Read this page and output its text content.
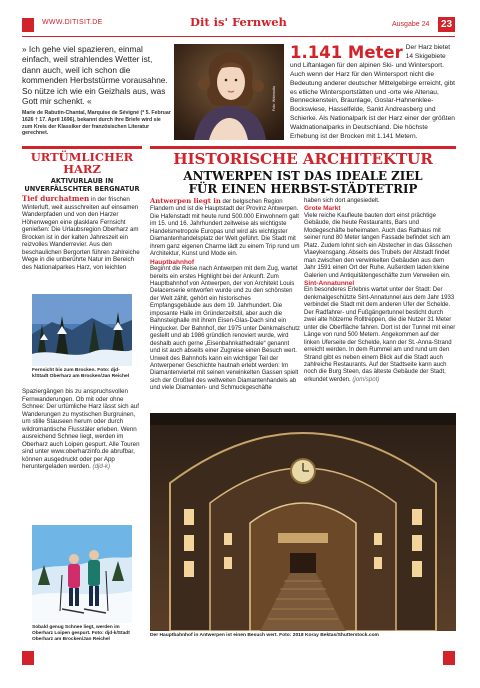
WWW.DITISIT.DE	Dit is' Fernweh	Ausgabe 24 23
» Ich gehe viel spazieren, einmal einfach, weil strahlendes Wetter ist, dann auch, weil ich schon die kommenden Herbststürme vorausahne. So nütze ich wie ein Geizhals aus, was Gott mir schenkt. «
Marie de Rabutin-Chantal, Marquise de Sévigné (* 5. Februar 1626 † 17. April 1696), bekannt durch ihre Briefe wird sie zum Kreis der Klassiker der französischen Literatur gerechnet.
Foto: Wikimedia
1.141 Meter Der Harz bietet 14 Skigebiete und Liftanlagen für den alpinen Ski- und Wintersport. Auch wenn der Harz für den Wintersport nicht die Bedeutung anderer deutscher Mittelgebirge erreicht, gibt es etliche Wintersportstätten und -orte wie Altenau, Benneckenstein, Braunlage, Goslar-Hahnenklee-Bockswiese, Hasselfelde, Sankt Andreasberg und Schierke. Als Nationalpark ist der Harz einer der größten Waldnationalparks in Deutschland. Die höchste Erhebung ist der Brocken mit 1.141 Metern.
URTÜMLICHER HARZ
AKTIVURLAUB IN UNVERFÄLSCHTER BERGNATUR
Tief durchatmen in der frischen Winterluft, weit ausschreiten auf einsamen Wanderpfaden und von den Harzer Höhenwegen eine glasklare Fernsicht genießen: Die Urlaubsregion Oberharz am Brocken ist in der kalten Jahreszeit ein reizvolles Wanderrevier. Aus den beschaulichen Bergorten führen zahlreiche Wege in die unberührte Natur im Bereich des Nationalparkes Harz, von leichten
Fernsicht bis zum Brocken. Foto: djd-k/Stadt Oberharz am Brocken/Jan Reichel
Spaziergängen bis zu anspruchsvollen Fernwanderungen. Ob mit oder ohne Schnee: Der urtümliche Harz lässt sich auf Wanderungen zu mystischen Burgruinen, um stille Stauseen herum oder durch wildromantische Flusstäler erleben. Wenn ausreichend Schnee liegt, werden im Oberharz auch Loipen gespurt. Alle Touren sind unter www.oberharzinfo.de abrufbar, können ausgedruckt oder per App heruntergeladen werden. (djd-k)
Sobald genug Schnee liegt, werden im Oberharz Loipen gespurt. Foto: djd-k/Stadt Oberharz am Brocken/Jan Reichel
HISTORISCHE ARCHITEKTUR
ANTWERPEN IST DAS IDEALE ZIEL
FÜR EINEN HERBST-STÄDTETRIP

Antwerpen liegt in der belgischen Region Flandern und ist die Hauptstadt der Provinz Antwerpen. Die Hafenstadt mit heute rund 500.000 Einwohnern galt im 15. und 16. Jahrhundert zeitweise als wichtigste Handelsmetropole Europas und wird als wichtigster Diamantenhandelsplatz der Welt geführt. Die Stadt mit ihrem ganz eigenen Charme lädt zu einem Trip rund um Architektur, Kunst und Mode ein.

Hauptbahnhof

Beginnt die Reise nach Antwerpen mit dem Zug, wartet bereits ein erstes Highlight bei der Ankunft. Zum Hauptbahnhof von Antwerpen, der von Architekt Louis Delacenserie entworfen wurde und zu den schönsten der Welt zählt, gehört ein historisches Empfangsgebäude aus dem 19. Jahrhundert. Die imposante Halle im Gründerzeitstil, aber auch die Bahnsteighalle mit ihrem Eisen-Glas-Dach sind ein Hingucker. Der Bahnhof, der 1975 unter Denkmalschutz gestellt und ab 1986 gründlich renoviert wurde, wird deshalb auch gerne „Eisenbahnkathedrale“ genannt und ist auch abseits einer Zugreise einen Besuch wert. Unweit des Bahnhofs kann ein wichtiger Teil der Antwerpener Geschichte hautnah erlebt werden: Im Diamantenviertel mit seinen verwinkelten Gassen spielt sich der Großteil des weltweiten Diamantenhandels ab und viele Diamanten- und Schmuckgeschäfte

haben sich dort angesiedelt.

Grote Markt

Viele reiche Kaufleute bauten dort einst prächtige Gebäude, die heute Restaurants, Bars und Modegeschäfte beheimaten. Auch das Rathaus mit seiner rund 80 Meter langen Fassade befindet sich am Platz. Zudem lohnt sich ein Abstecher in das Gässchen Vlaeykensgang. Abseits des Trubels der Altstadt findet man zwischen den verwinkelten Gebäuden aus dem Jahr 1591 einen Ort der Ruhe. Außerdem laden kleine Galerien und Antiquitätengeschäfte zum Verweilen ein.

Sint-Annatunnel

Ein besonderes Erlebnis wartet unter der Stadt: Der denkmalgeschützte Sint-Annatunnel aus dem Jahr 1933 verbindet die Stadt mit dem anderen Ufer der Schelde. Der Radfahrer- und Fußgängertunnel besticht durch zwei alte hölzerne Rolltreppen, die die Nutzer 31 Meter unter die Oberfläche fahren. Dort ist der Tunnel mit einer Länge von rund 500 Metern. Angekommen auf der linken Uferseite der Schelde, kann der St.-Anna-Strand erreicht werden. In dem Rummel am und rund um den Strand gibt es neben einem Blick auf die Stadt auch zahlreiche Restaurants. Auf der Stadtseite kann auch noch die Burg Steen, das älteste Gebäude der Stadt, erkundet werden. (jom/spot)

Der Hauptbahnhof in Antwerpen ist einen Besuch wert. Foto: 2018 Koray Bektas/Shutterstock.com
